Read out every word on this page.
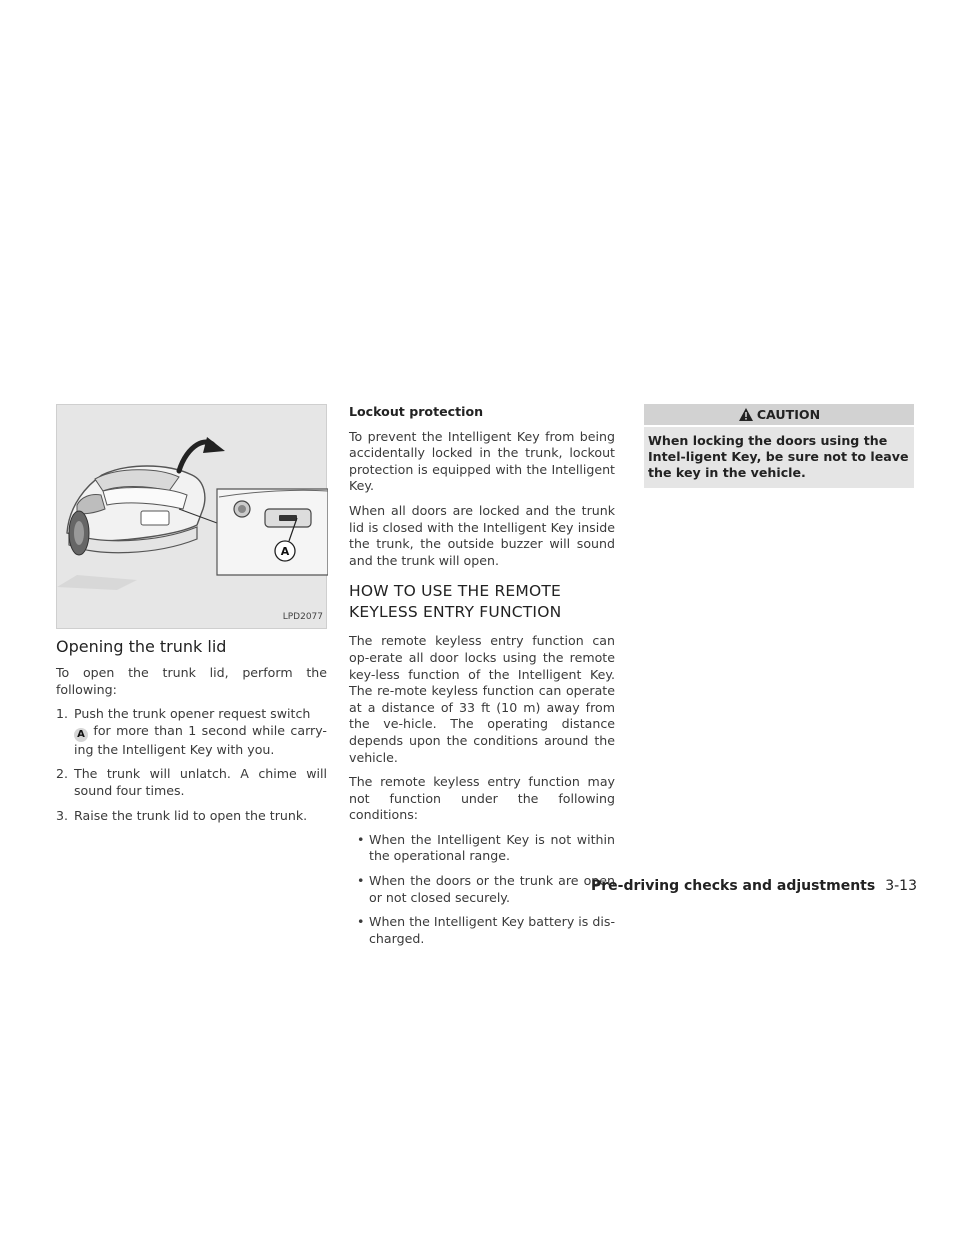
A
LPD2077
Opening the trunk lid

To open the trunk lid, perform the following:

1. Push the trunk opener request switch
A for more than 1 second while carry-ing the Intelligent Key with you.
2. The trunk will unlatch. A chime will sound four times.
3. Raise the trunk lid to open the trunk.

Lockout protection

To prevent the Intelligent Key from being accidentally locked in the trunk, lockout protection is equipped with the Intelligent Key.

When all doors are locked and the trunk lid is closed with the Intelligent Key inside the trunk, the outside buzzer will sound and the trunk will open.

HOW TO USE THE REMOTE
KEYLESS ENTRY FUNCTION

The remote keyless entry function can op-erate all door locks using the remote key-less function of the Intelligent Key. The re-mote keyless function can operate at a distance of 33 ft (10 m) away from the ve-hicle. The operating distance depends upon the conditions around the vehicle.

The remote keyless entry function may not function under the following conditions:

• When the Intelligent Key is not within the operational range.
• When the doors or the trunk are open or not closed securely.
• When the Intelligent Key battery is dis-charged.
CAUTION
When locking the doors using the Intel-ligent Key, be sure not to leave the key in the vehicle.
Pre-driving checks and adjustments 3-13
